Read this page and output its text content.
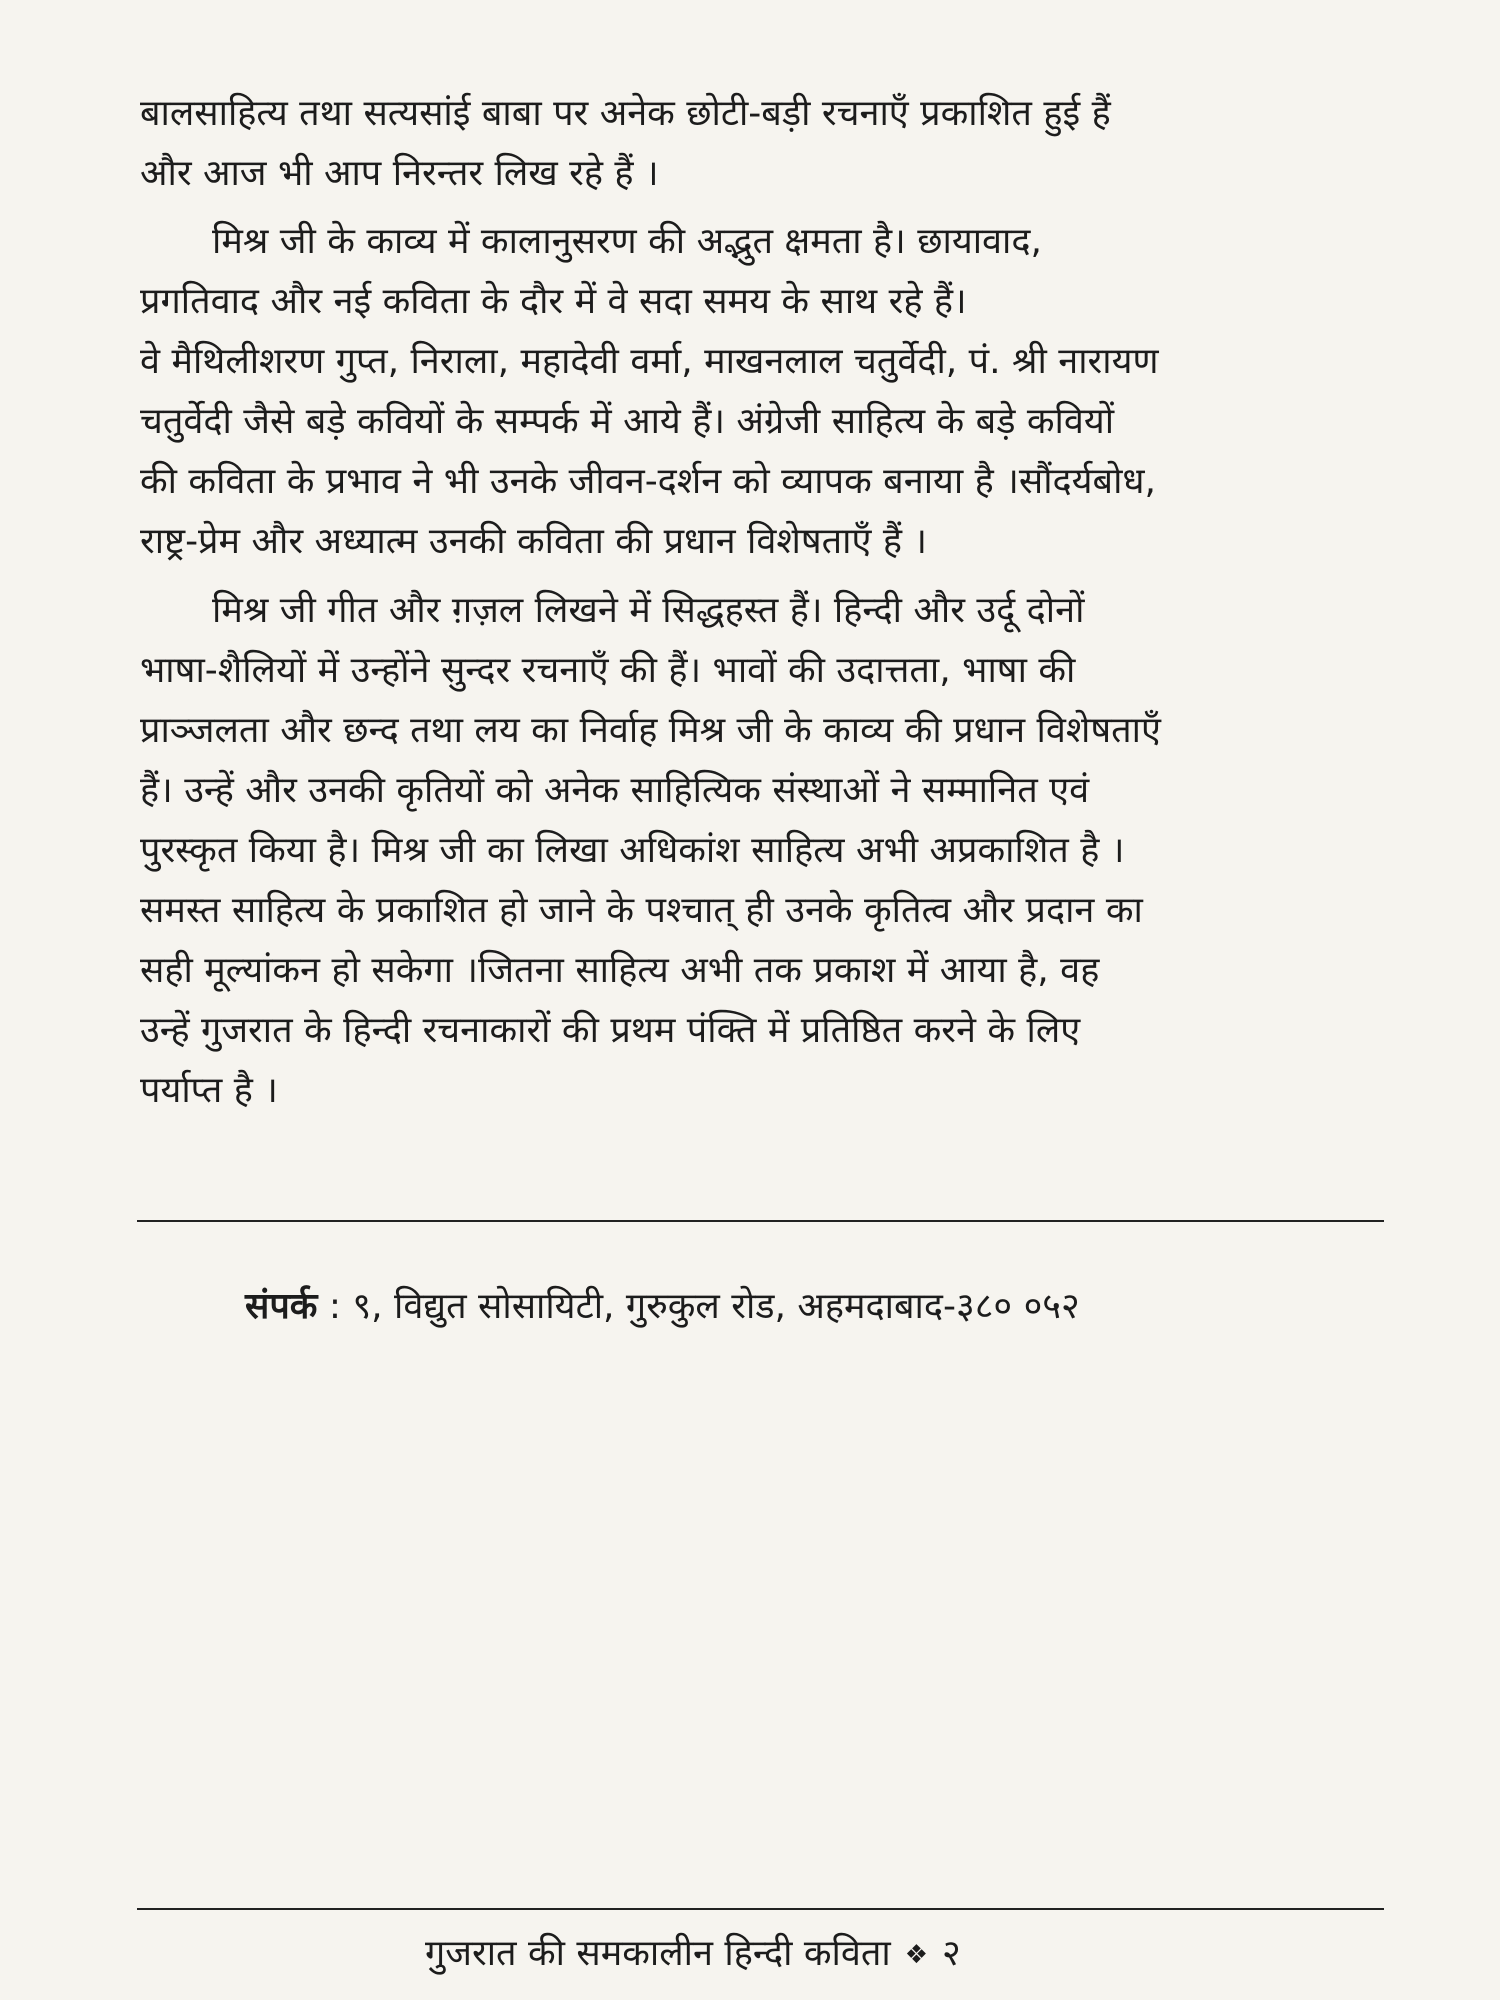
बालसाहित्य तथा सत्यसांई बाबा पर अनेक छोटी-बड़ी रचनाएँ प्रकाशित हुई हैं
और आज भी आप निरन्तर लिख रहे हैं ।
मिश्र जी के काव्य में कालानुसरण की अद्भुत क्षमता है। छायावाद,
प्रगतिवाद और नई कविता के दौर में वे सदा समय के साथ रहे हैं।
वे मैथिलीशरण गुप्त, निराला, महादेवी वर्मा, माखनलाल चतुर्वेदी, पं. श्री नारायण
चतुर्वेदी जैसे बड़े कवियों के सम्पर्क में आये हैं। अंग्रेजी साहित्य के बड़े कवियों
की कविता के प्रभाव ने भी उनके जीवन-दर्शन को व्यापक बनाया है ।सौंदर्यबोध,
राष्ट्र-प्रेम और अध्यात्म उनकी कविता की प्रधान विशेषताएँ हैं ।
मिश्र जी गीत और ग़ज़ल लिखने में सिद्धहस्त हैं। हिन्दी और उर्दू दोनों
भाषा-शैलियों में उन्होंने सुन्दर रचनाएँ की हैं। भावों की उदात्तता, भाषा की
प्राञ्जलता और छन्द तथा लय का निर्वाह मिश्र जी के काव्य की प्रधान विशेषताएँ
हैं। उन्हें और उनकी कृतियों को अनेक साहित्यिक संस्थाओं ने सम्मानित एवं
पुरस्कृत किया है। मिश्र जी का लिखा अधिकांश साहित्य अभी अप्रकाशित है ।
समस्त साहित्य के प्रकाशित हो जाने के पश्चात् ही उनके कृतित्व और प्रदान का
सही मूल्यांकन हो सकेगा ।जितना साहित्य अभी तक प्रकाश में आया है, वह
उन्हें गुजरात के हिन्दी रचनाकारों की प्रथम पंक्ति में प्रतिष्ठित करने के लिए
पर्याप्त है ।
संपर्क : ९, विद्युत सोसायिटी, गुरुकुल रोड, अहमदाबाद-३८० ०५२
गुजरात की समकालीन हिन्दी कविता ❖ २
